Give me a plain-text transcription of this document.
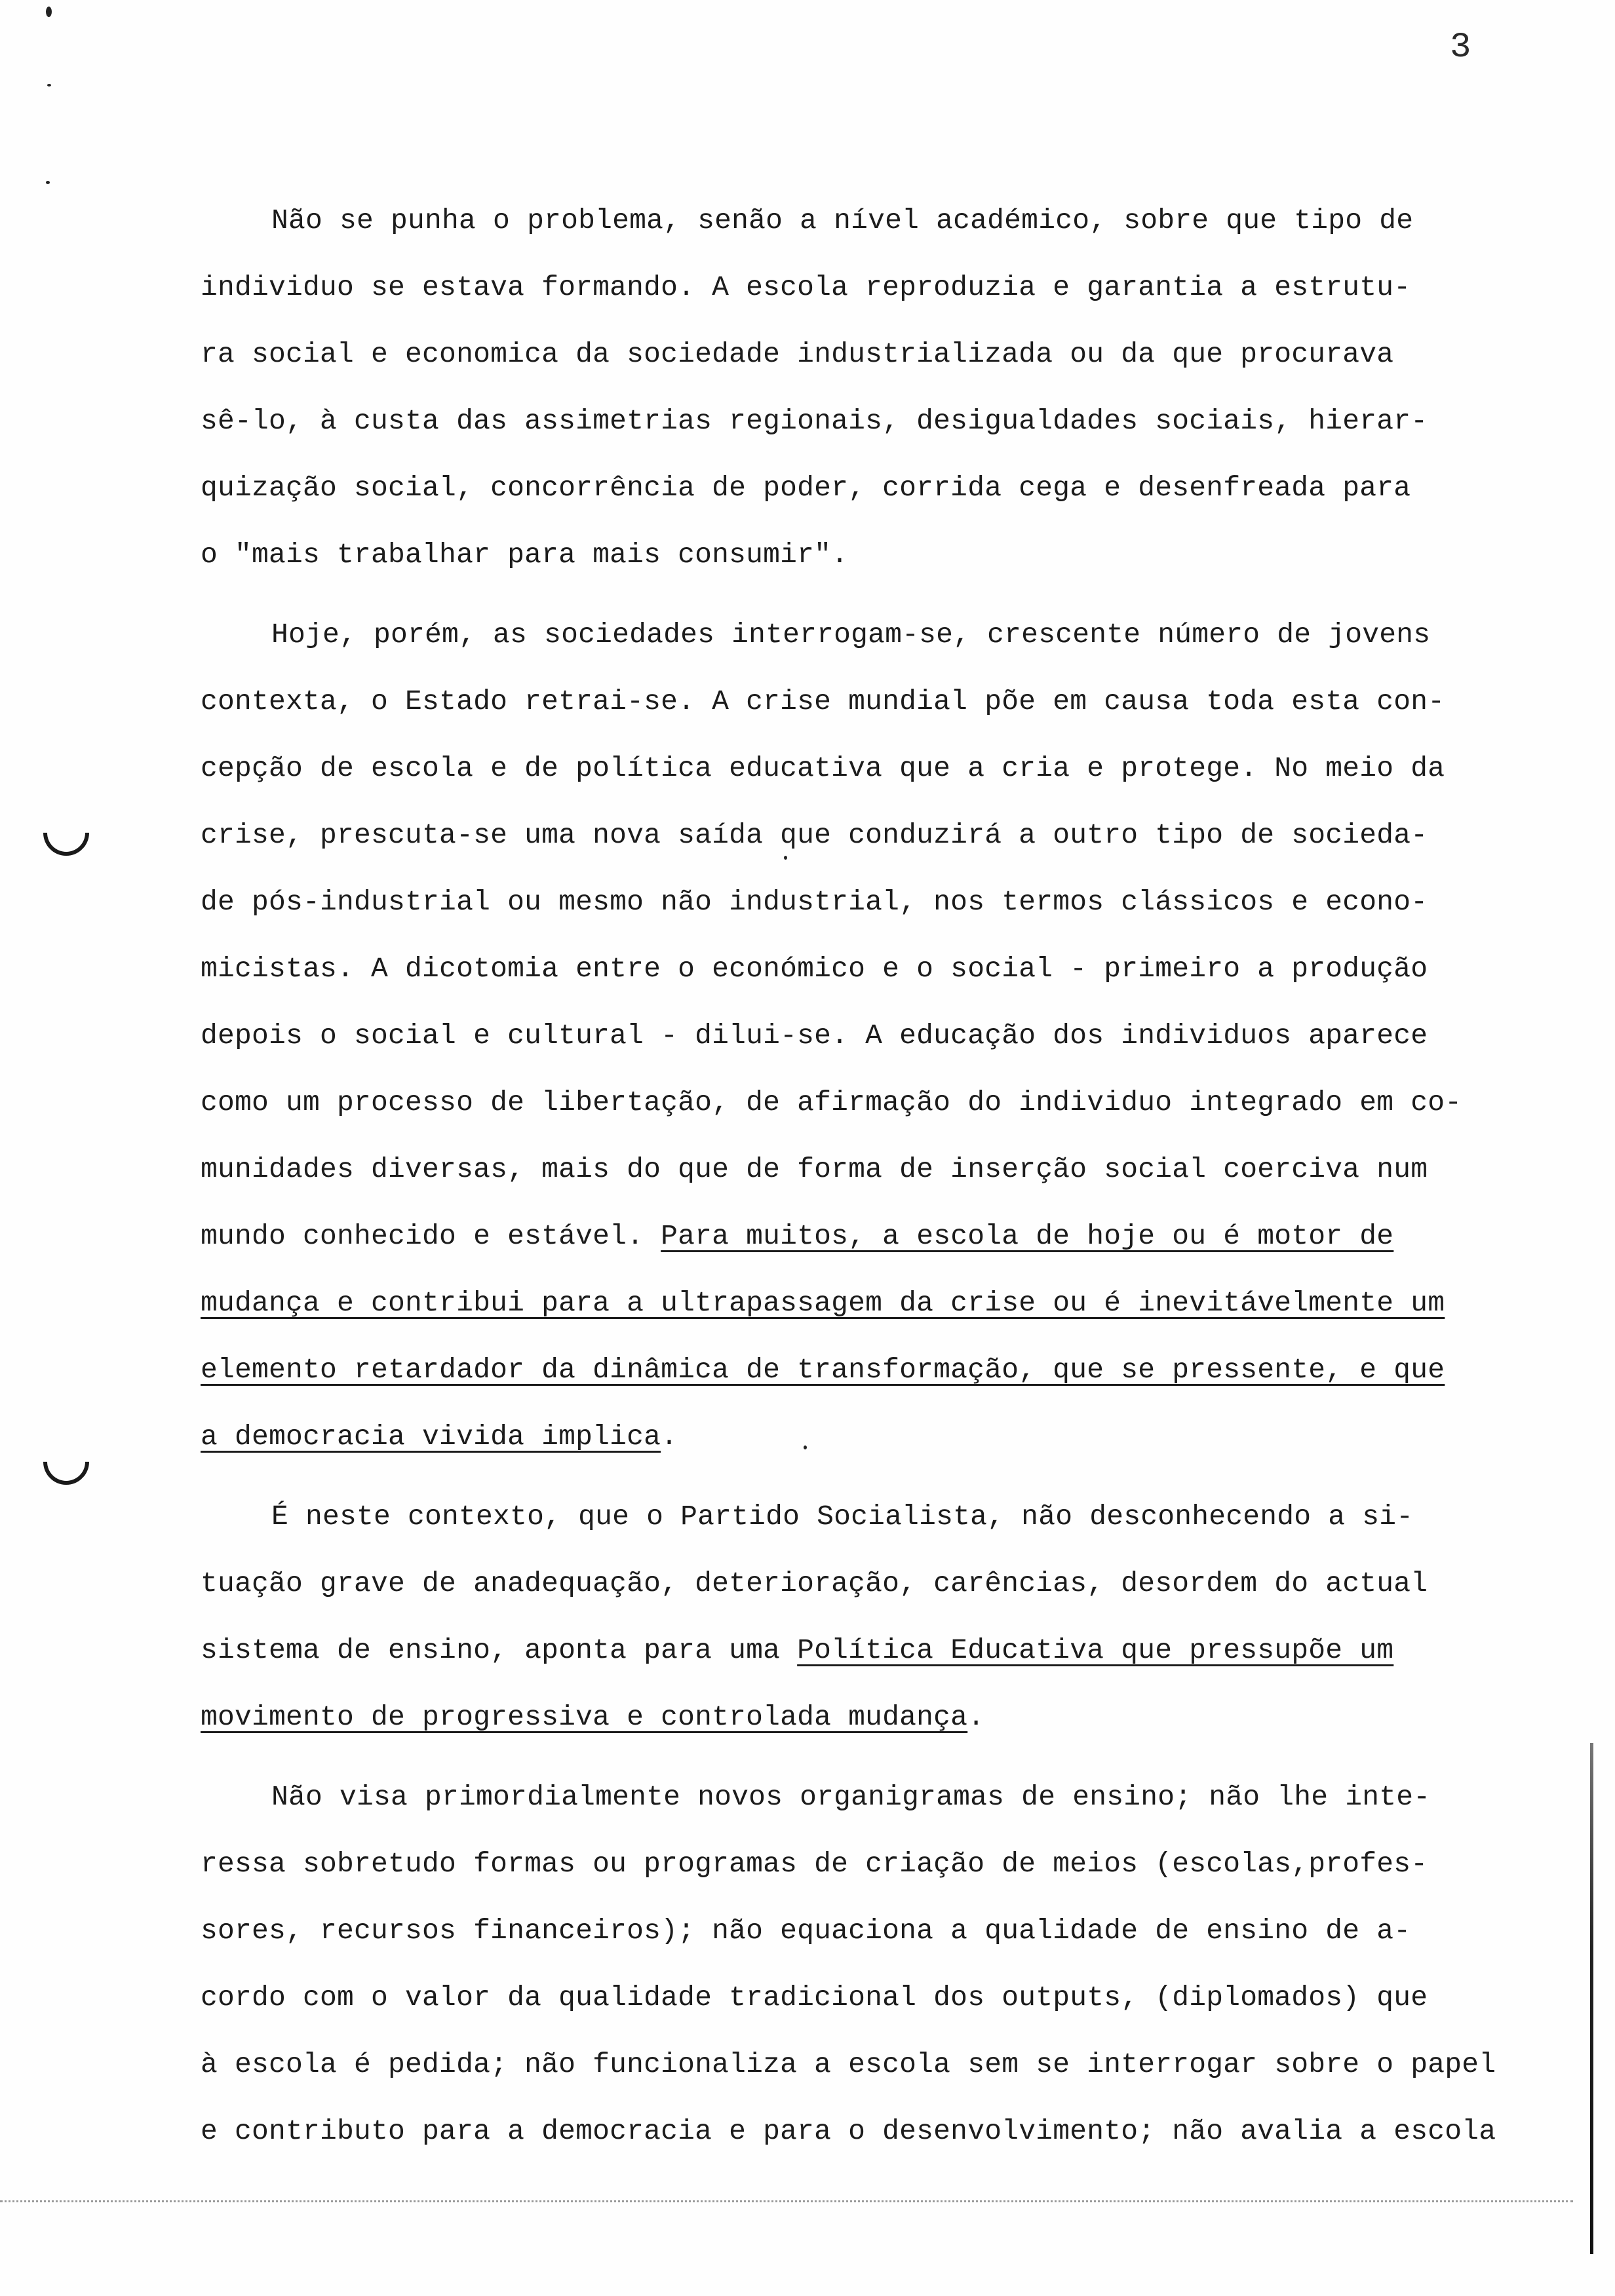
3
Não se punha o problema, senão a nível académico, sobre que tipo de
individuo se estava formando. A escola reproduzia e garantia a estrutu-
ra social e economica da sociedade industrializada ou da que procurava
sê-lo, à custa das assimetrias regionais, desigualdades sociais, hierar-
quização social, concorrência de poder, corrida cega e desenfreada para
o "mais trabalhar para mais consumir".
Hoje, porém, as sociedades interrogam-se, crescente número de jovens
contexta, o Estado retrai-se. A crise mundial põe em causa toda esta con-
cepção de escola e de política educativa que a cria e protege. No meio da
crise, prescuta-se uma nova saída que conduzirá a outro tipo de socieda-
de pós-industrial ou mesmo não industrial, nos termos clássicos e econo-
micistas. A dicotomia entre o económico e o social - primeiro a produção
depois o social e cultural - dilui-se. A educação dos individuos aparece
como um processo de libertação, de afirmação do individuo integrado em co-
munidades diversas, mais do que de forma de inserção social coerciva num
mundo conhecido e estável. Para muitos, a escola de hoje ou é motor de
mudança e contribui para a ultrapassagem da crise ou é inevitávelmente um
elemento retardador da dinâmica de transformação, que se pressente, e que
a democracia vivida implica.
É neste contexto, que o Partido Socialista, não desconhecendo a si-
tuação grave de anadequação, deterioração, carências, desordem do actual
sistema de ensino, aponta para uma Política Educativa que pressupõe um
movimento de progressiva e controlada mudança.
Não visa primordialmente novos organigramas de ensino; não lhe inte-
ressa sobretudo formas ou programas de criação de meios (escolas,profes-
sores, recursos financeiros); não equaciona a qualidade de ensino de a-
cordo com o valor da qualidade tradicional dos outputs, (diplomados) que
à escola é pedida; não funcionaliza a escola sem se interrogar sobre o papel
e contributo para a democracia e para o desenvolvimento; não avalia a escola
